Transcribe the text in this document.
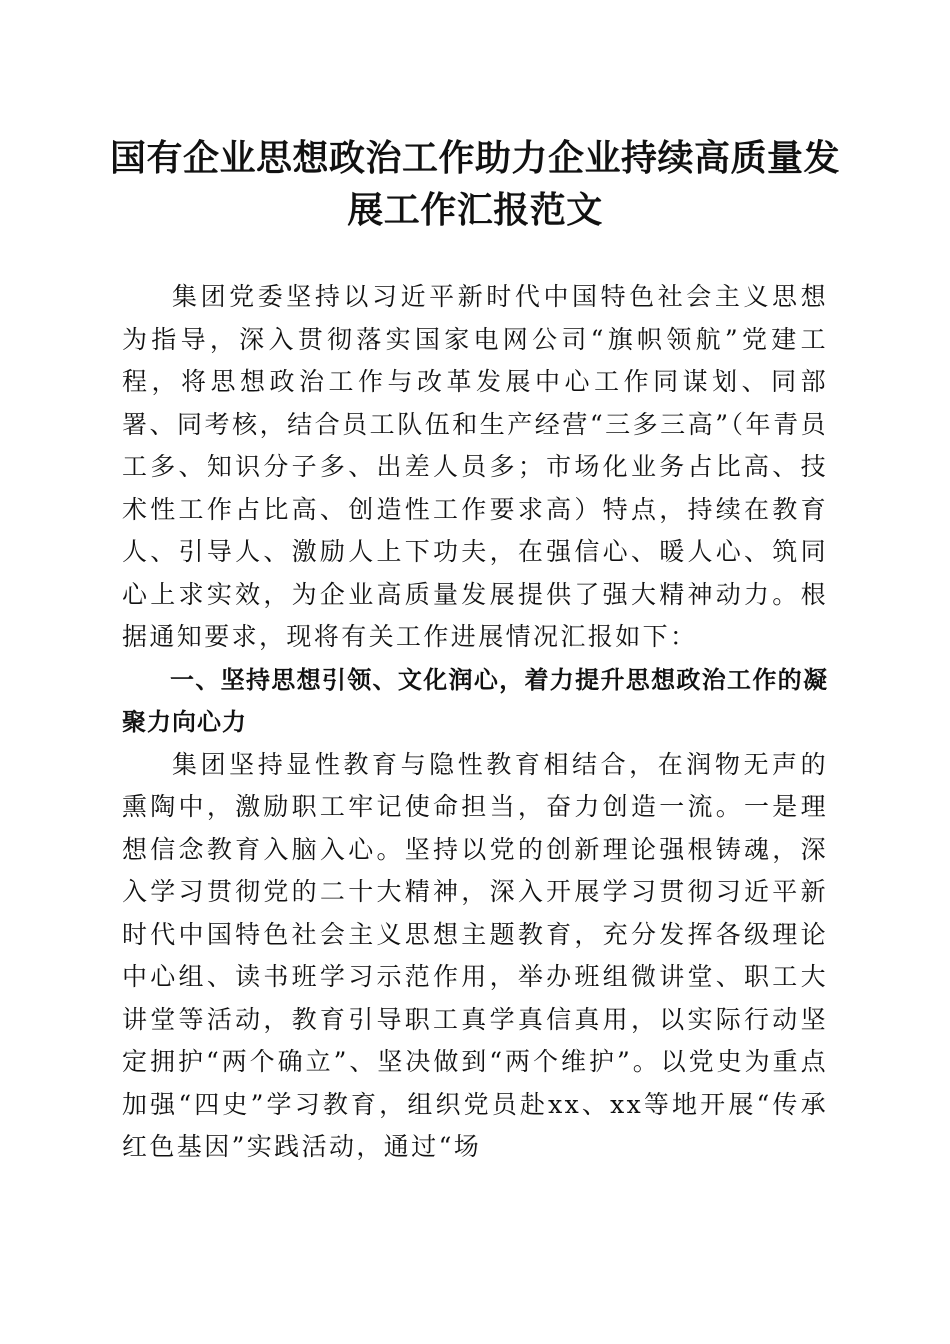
国有企业思想政治工作助力企业持续高质量发展工作汇报范文

集团党委坚持以习近平新时代中国特色社会主义思想为指导，深入贯彻落实国家电网公司“旗帜领航”党建工程，将思想政治工作与改革发展中心工作同谋划、同部署、同考核，结合员工队伍和生产经营“三多三高”（年青员工多、知识分子多、出差人员多；市场化业务占比高、技术性工作占比高、创造性工作要求高）特点，持续在教育人、引导人、激励人上下功夫，在强信心、暖人心、筑同心上求实效，为企业高质量发展提供了强大精神动力。根据通知要求，现将有关工作进展情况汇报如下：

一、坚持思想引领、文化润心，着力提升思想政治工作的凝聚力向心力

集团坚持显性教育与隐性教育相结合，在润物无声的熏陶中，激励职工牢记使命担当，奋力创造一流。一是理想信念教育入脑入心。坚持以党的创新理论强根铸魂，深入学习贯彻党的二十大精神，深入开展学习贯彻习近平新时代中国特色社会主义思想主题教育，充分发挥各级理论中心组、读书班学习示范作用，举办班组微讲堂、职工大讲堂等活动，教育引导职工真学真信真用，以实际行动坚定拥护“两个确立”、坚决做到“两个维护”。以党史为重点加强“四史”学习教育，组织党员赴xx、xx等地开展“传承红色基因”实践活动，通过“场
